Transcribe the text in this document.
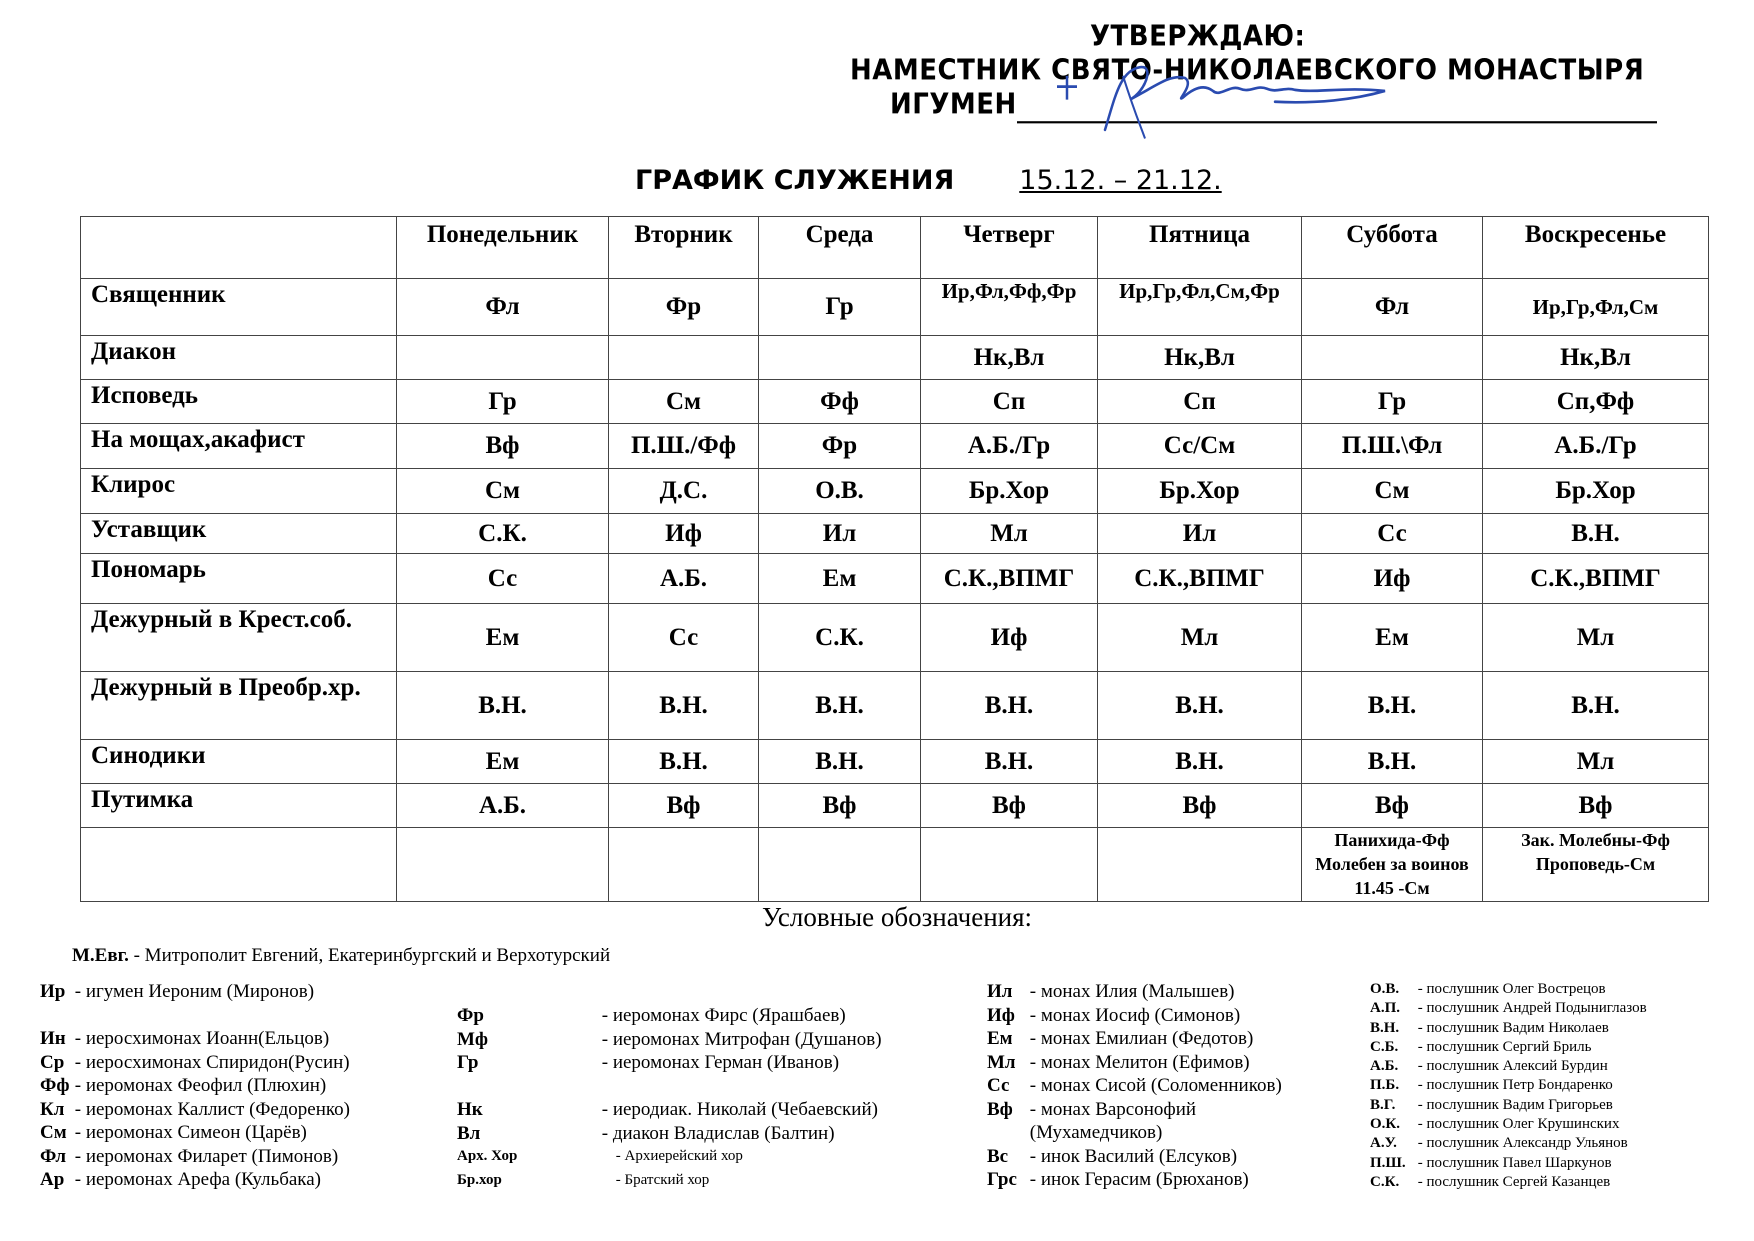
УТВЕРЖДАЮ:
НАМЕСТНИК СВЯТО-НИКОЛАЕВСКОГО МОНАСТЫРЯ
ИГУМЕН
ГРАФИК СЛУЖЕНИЯ 15.12. – 21.12.
	Понедельник	Вторник	Среда	Четверг	Пятница	Суббота	Воскресенье
Священник	Фл	Фр	Гр	Ир,Фл,Фф,Фр	Ир,Гр,Фл,См,Фр	Фл	Ир,Гр,Фл,См
Диакон				Нк,Вл	Нк,Вл		Нк,Вл
Исповедь	Гр	См	Фф	Сп	Сп	Гр	Сп,Фф
На мощах,акафист	Вф	П.Ш./Фф	Фр	А.Б./Гр	Сс/См	П.Ш.\Фл	А.Б./Гр
Клирос	См	Д.С.	О.В.	Бр.Хор	Бр.Хор	См	Бр.Хор
Уставщик	С.К.	Иф	Ил	Мл	Ил	Сс	В.Н.
Пономарь	Сс	А.Б.	Ем	С.К.,ВПМГ	С.К.,ВПМГ	Иф	С.К.,ВПМГ
Дежурный в Крест.соб.	Ем	Сс	С.К.	Иф	Мл	Ем	Мл
Дежурный в Преобр.хр.	В.Н.	В.Н.	В.Н.	В.Н.	В.Н.	В.Н.	В.Н.
Синодики	Ем	В.Н.	В.Н.	В.Н.	В.Н.	В.Н.	Мл
Путимка	А.Б.	Вф	Вф	Вф	Вф	Вф	Вф
						Панихида-Фф Молебен за воинов 11.45 -См	Зак. Молебны-Фф Проповедь-См
Условные обозначения:
М.Евг. - Митрополит Евгений, Екатеринбургский и Верхотурский
Ир - игумен Иероним (Миронов)
Ин - иеросхимонах Иоанн(Ельцов)
Ср - иеросхимонах Спиридон(Русин)
Фф - иеромонах Феофил (Плюхин)
Кл - иеромонах Каллист (Федоренко)
См - иеромонах Симеон (Царёв)
Фл - иеромонах Филарет (Пимонов)
Ар - иеромонах Арефа (Кульбака)
Фр	- иеромонах Фирс (Ярашбаев)
Мф	- иеромонах Митрофан (Душанов)
Гр	- иеромонах Герман (Иванов)
Нк	- иеродиак. Николай (Чебаевский)
Вл	- диакон Владислав (Балтин)
Арх. Хор	- Архиерейский хор
Бр.хор	- Братский хор
Ил - монах Илия (Малышев)
Иф - монах Иосиф (Симонов)
Ем - монах Емилиан (Федотов)
Мл - монах Мелитон (Ефимов)
Сс - монах Сисой (Соломенников)
Вф - монах Варсонофий
(Мухамедчиков)
Вс - инок Василий (Елсуков)
Грс - инок Герасим (Брюханов)
О.В. - послушник Олег Вострецов
А.П. - послушник Андрей Подыниглазов
В.Н. - послушник Вадим Николаев
С.Б. - послушник Сергий Бриль
А.Б. - послушник Алексий Бурдин
П.Б. - послушник Петр Бондаренко
В.Г. - послушник Вадим Григорьев
О.К. - послушник Олег Крушинских
А.У. - послушник Александр Ульянов
П.Ш. - послушник Павел Шаркунов
С.К. - послушник Сергей Казанцев
